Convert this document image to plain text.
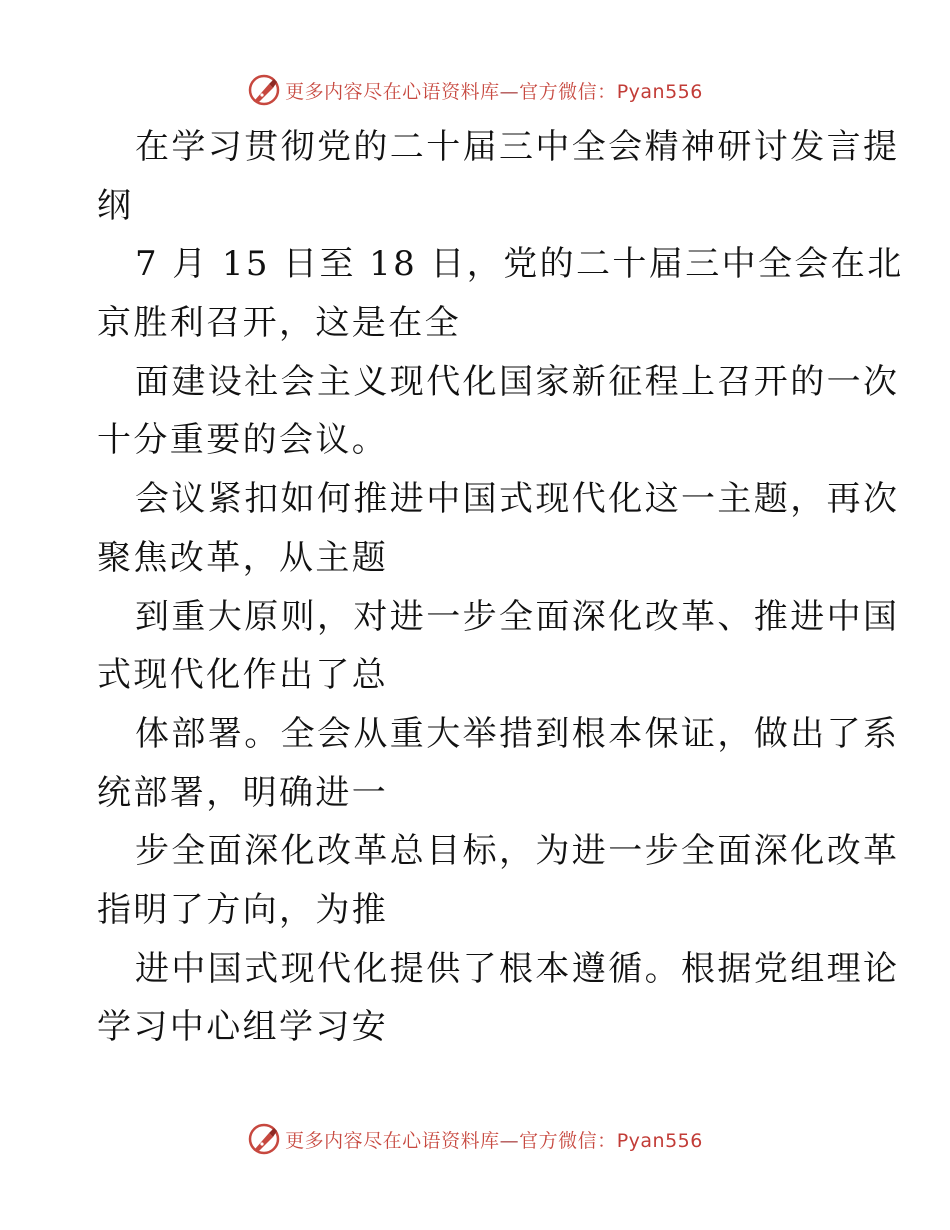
更多内容尽在心语资料库—官方微信：Pyan556
在学习贯彻党的二十届三中全会精神研讨发言提
纲
7 月 15 日至 18 日，党的二十届三中全会在北
京胜利召开，这是在全
面建设社会主义现代化国家新征程上召开的一次
十分重要的会议。
会议紧扣如何推进中国式现代化这一主题，再次
聚焦改革，从主题
到重大原则，对进一步全面深化改革、推进中国
式现代化作出了总
体部署。全会从重大举措到根本保证，做出了系
统部署，明确进一
步全面深化改革总目标，为进一步全面深化改革
指明了方向，为推
进中国式现代化提供了根本遵循。根据党组理论
学习中心组学习安
更多内容尽在心语资料库—官方微信：Pyan556
